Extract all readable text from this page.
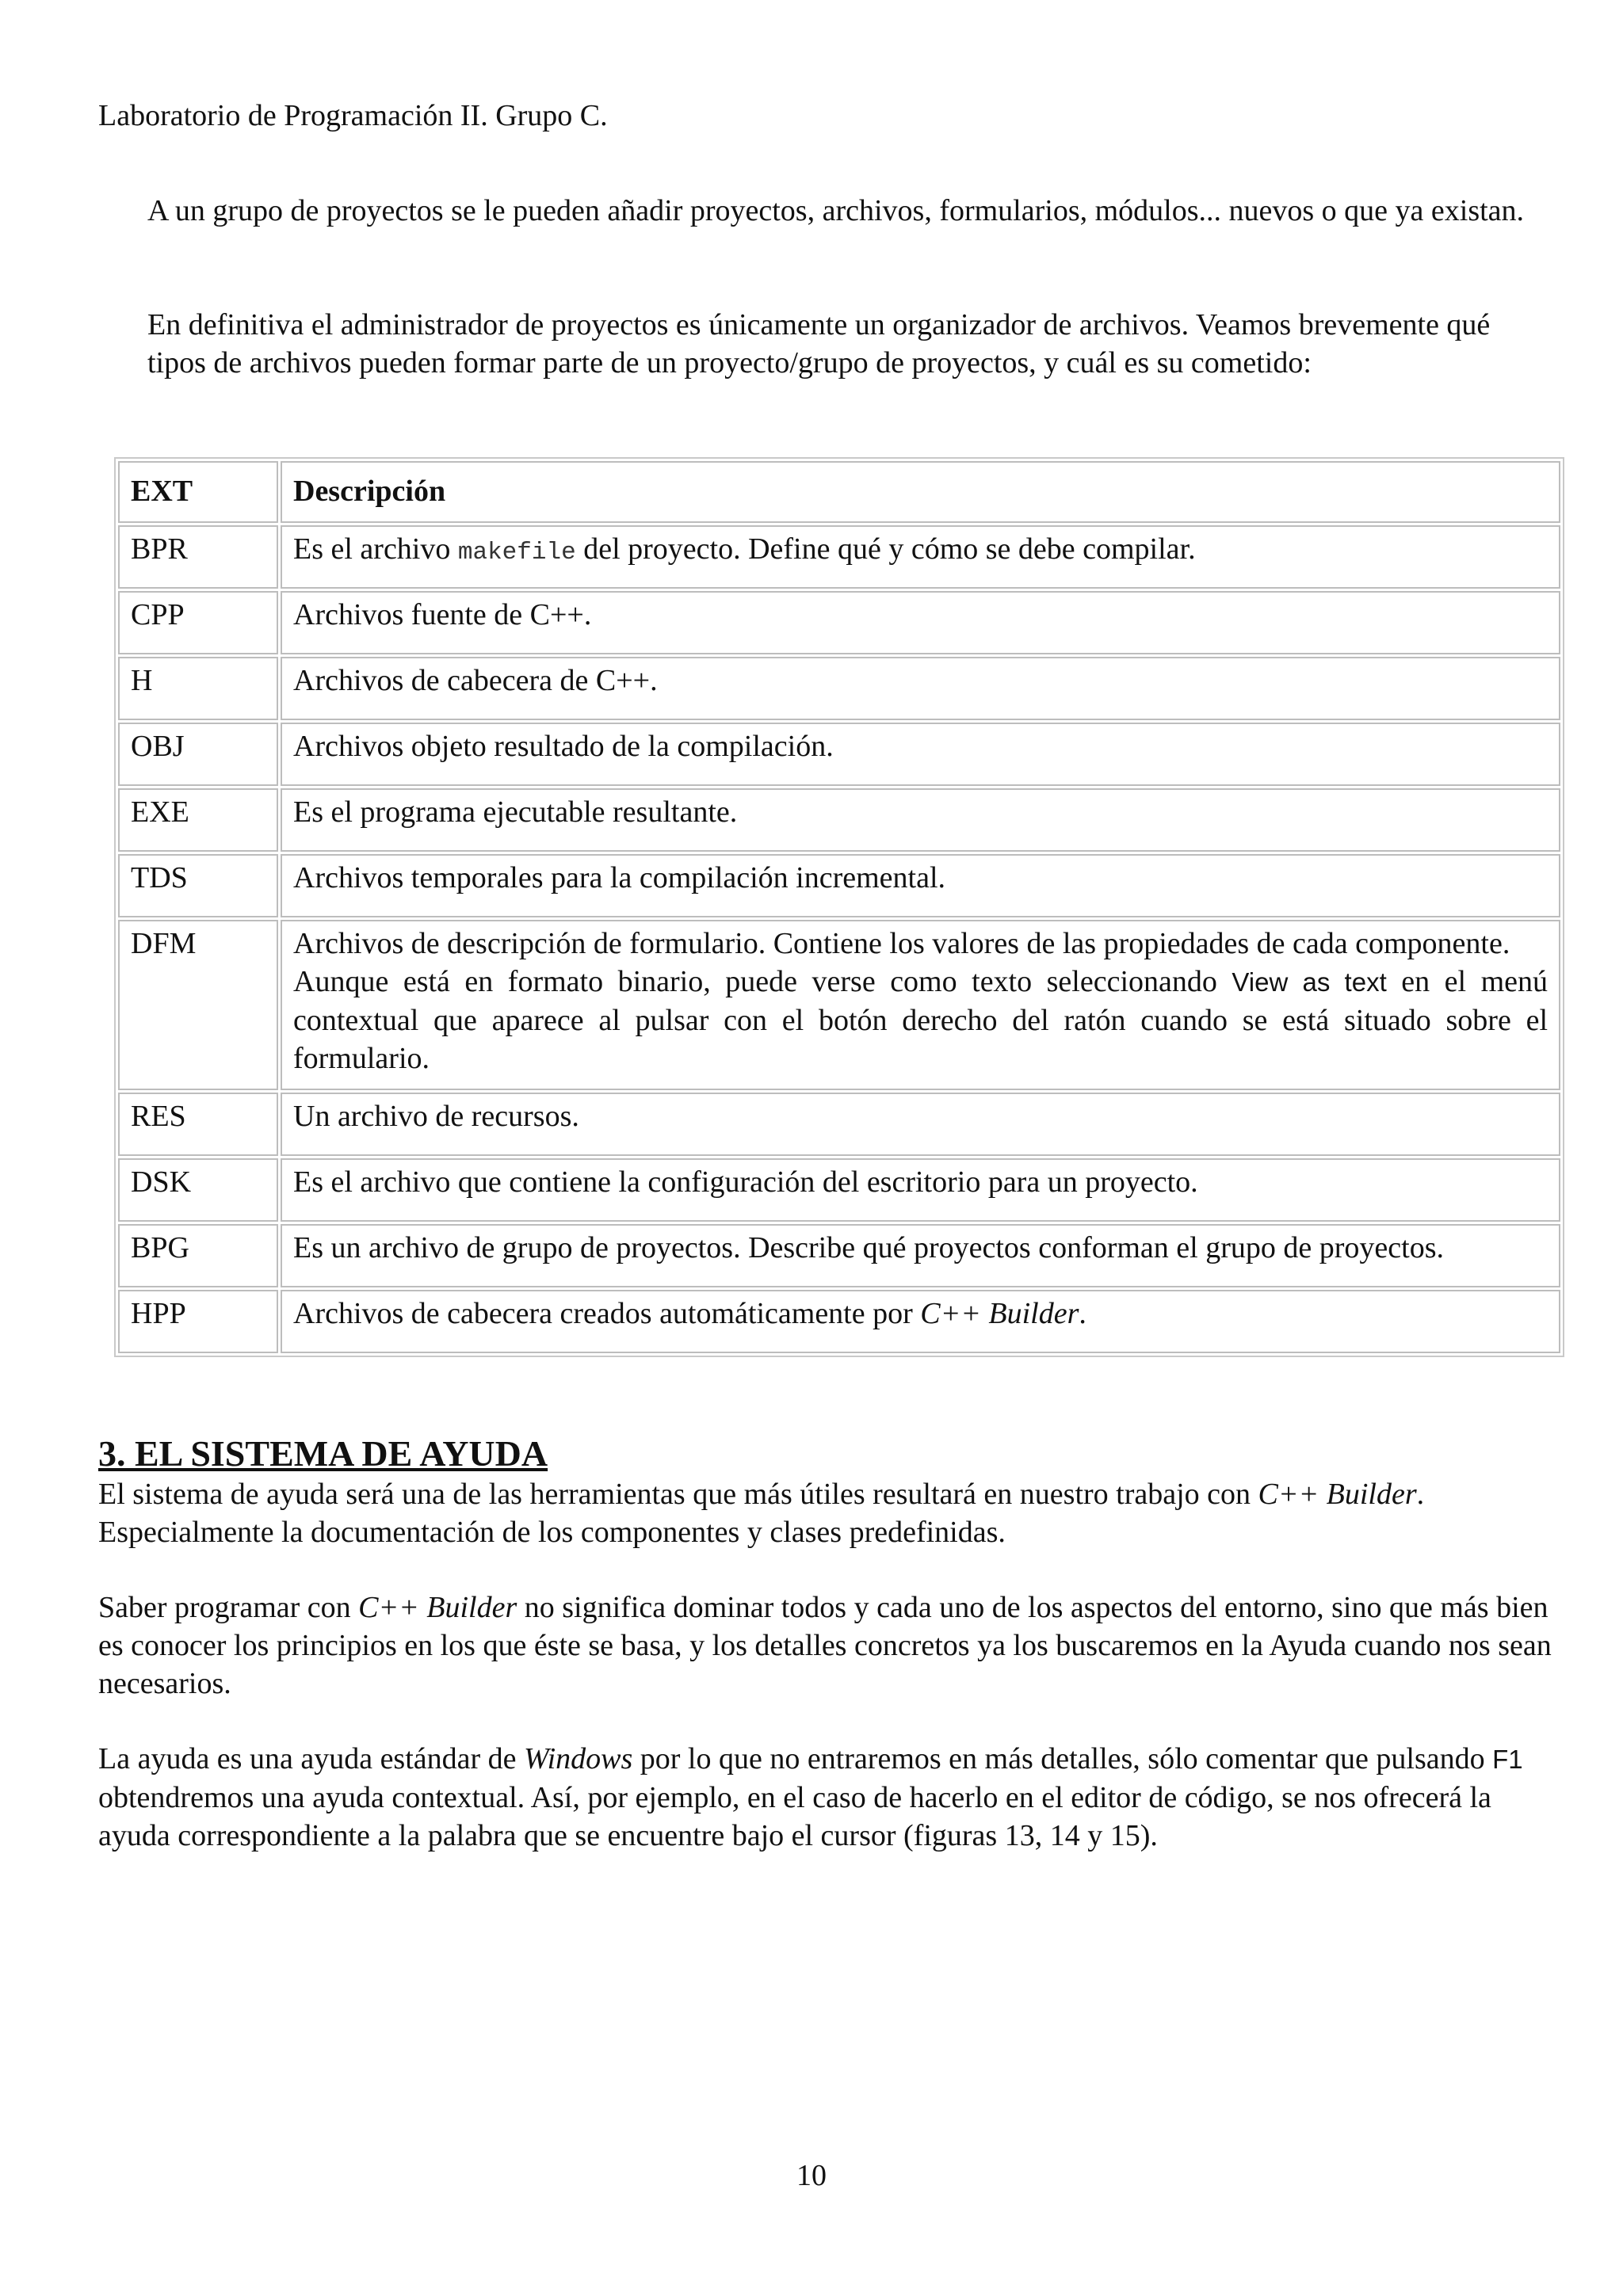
Laboratorio de Programación II. Grupo C.

A un grupo de proyectos se le pueden añadir proyectos, archivos, formularios, módulos... nuevos o que ya existan.

En definitiva el administrador de proyectos es únicamente un organizador de archivos. Veamos brevemente qué tipos de archivos pueden formar parte de un proyecto/grupo de proyectos, y cuál es su cometido:

EXT	Descripción
BPR	Es el archivo makefile del proyecto. Define qué y cómo se debe compilar.
CPP	Archivos fuente de C++.
H	Archivos de cabecera de C++.
OBJ	Archivos objeto resultado de la compilación.
EXE	Es el programa ejecutable resultante.
TDS	Archivos temporales para la compilación incremental.
DFM	Archivos de descripción de formulario. Contiene los valores de las propiedades de cada componente.
Aunque está en formato binario, puede verse como texto seleccionando View as text en el menú contextual que aparece al pulsar con el botón derecho del ratón cuando se está situado sobre el formulario.

RES	Un archivo de recursos.
DSK	Es el archivo que contiene la configuración del escritorio para un proyecto.
BPG	Es un archivo de grupo de proyectos. Describe qué proyectos conforman el grupo de proyectos.
HPP	Archivos de cabecera creados automáticamente por C++ Builder.
3. EL SISTEMA DE AYUDA

El sistema de ayuda será una de las herramientas que más útiles resultará en nuestro trabajo con C++ Builder. Especialmente la documentación de los componentes y clases predefinidas.

Saber programar con C++ Builder no significa dominar todos y cada uno de los aspectos del entorno, sino que más bien es conocer los principios en los que éste se basa, y los detalles concretos ya los buscaremos en la Ayuda cuando nos sean necesarios.

La ayuda es una ayuda estándar de Windows por lo que no entraremos en más detalles, sólo comentar que pulsando F1 obtendremos una ayuda contextual. Así, por ejemplo, en el caso de hacerlo en el editor de código, se nos ofrecerá la ayuda correspondiente a la palabra que se encuentre bajo el cursor (figuras 13, 14 y 15).

10
